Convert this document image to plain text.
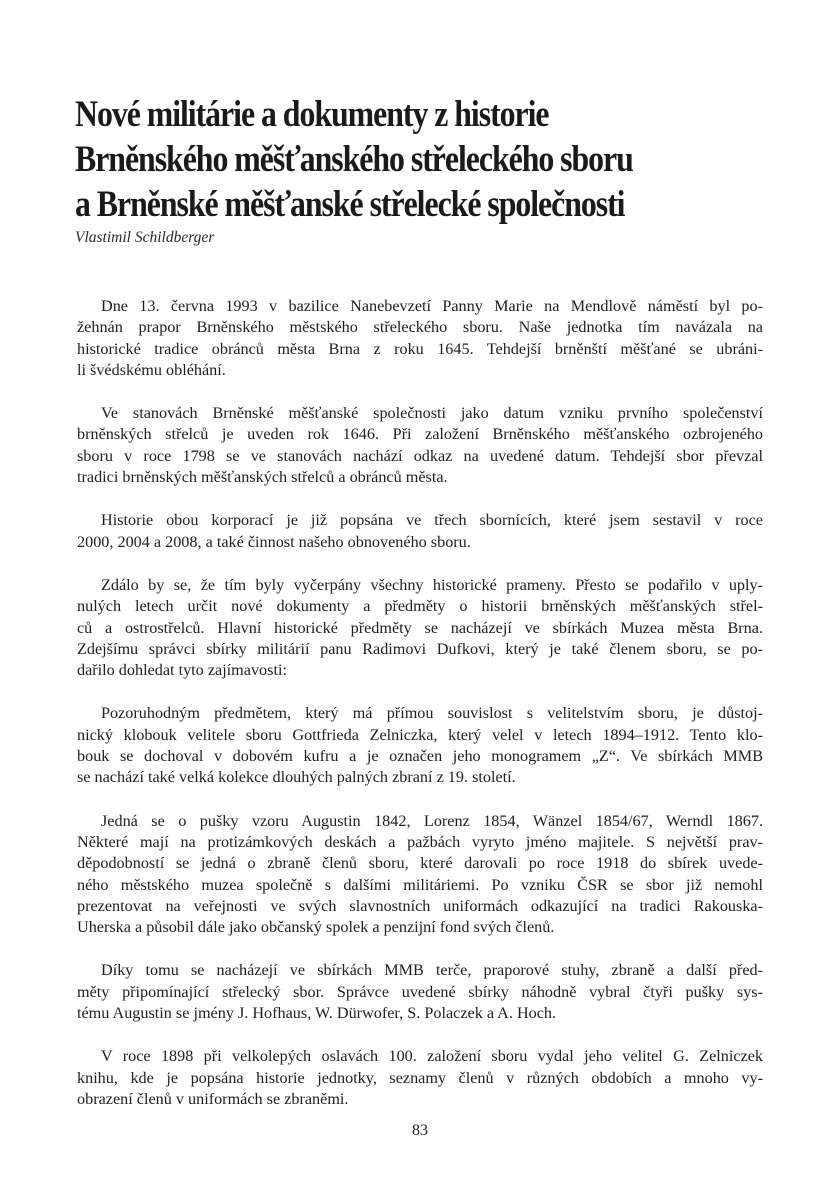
Nové militárie a dokumenty z historie
Brněnského měšťanského střeleckého sboru
a Brněnské měšťanské střelecké společnosti
Vlastimil Schildberger
Dne 13. června 1993 v bazilice Nanebevzetí Panny Marie na Mendlově náměstí byl po-
žehnán prapor Brněnského městského střeleckého sboru. Naše jednotka tím navázala na
historické tradice obránců města Brna z roku 1645. Tehdejší brněnští měšťané se ubráni-
li švédskému obléhání.
Ve stanovách Brněnské měšťanské společnosti jako datum vzniku prvního společenství
brněnských střelců je uveden rok 1646. Při založení Brněnského měšťanského ozbrojeného
sboru v roce 1798 se ve stanovách nachází odkaz na uvedené datum. Tehdejší sbor převzal
tradici brněnských měšťanských střelců a obránců města.
Historie obou korporací je již popsána ve třech sbornících, které jsem sestavil v roce
2000, 2004 a 2008, a také činnost našeho obnoveného sboru.
Zdálo by se, že tím byly vyčerpány všechny historické prameny. Přesto se podařilo v uply-
nulých letech určit nové dokumenty a předměty o historii brněnských měšťanských střel-
ců a ostrostřelců. Hlavní historické předměty se nacházejí ve sbírkách Muzea města Brna.
Zdejšímu správci sbírky militárií panu Radimovi Dufkovi, který je také členem sboru, se po-
dařilo dohledat tyto zajímavosti:
Pozoruhodným předmětem, který má přímou souvislost s velitelstvím sboru, je důstoj-
nický klobouk velitele sboru Gottfrieda Zelniczka, který velel v letech 1894–1912. Tento klo-
bouk se dochoval v dobovém kufru a je označen jeho monogramem „Z“. Ve sbírkách MMB
se nachází také velká kolekce dlouhých palných zbraní z 19. století.
Jedná se o pušky vzoru Augustin 1842, Lorenz 1854, Wänzel 1854/67, Werndl 1867.
Některé mají na protizámkových deskách a pažbách vyryto jméno majitele. S největší prav-
děpodobností se jedná o zbraně členů sboru, které darovali po roce 1918 do sbírek uvede-
ného městského muzea společně s dalšími militáriemi. Po vzniku ČSR se sbor již nemohl
prezentovat na veřejnosti ve svých slavnostních uniformách odkazující na tradici Rakouska-
Uherska a působil dále jako občanský spolek a penzijní fond svých členů.
Díky tomu se nacházejí ve sbírkách MMB terče, praporové stuhy, zbraně a další před-
měty připomínající střelecký sbor. Správce uvedené sbírky náhodně vybral čtyři pušky sys-
tému Augustin se jmény J. Hofhaus, W. Dürwofer, S. Polaczek a A. Hoch.
V roce 1898 při velkolepých oslavách 100. založení sboru vydal jeho velitel G. Zelniczek
knihu, kde je popsána historie jednotky, seznamy členů v různých obdobích a mnoho vy-
obrazení členů v uniformách se zbraněmi.
83
